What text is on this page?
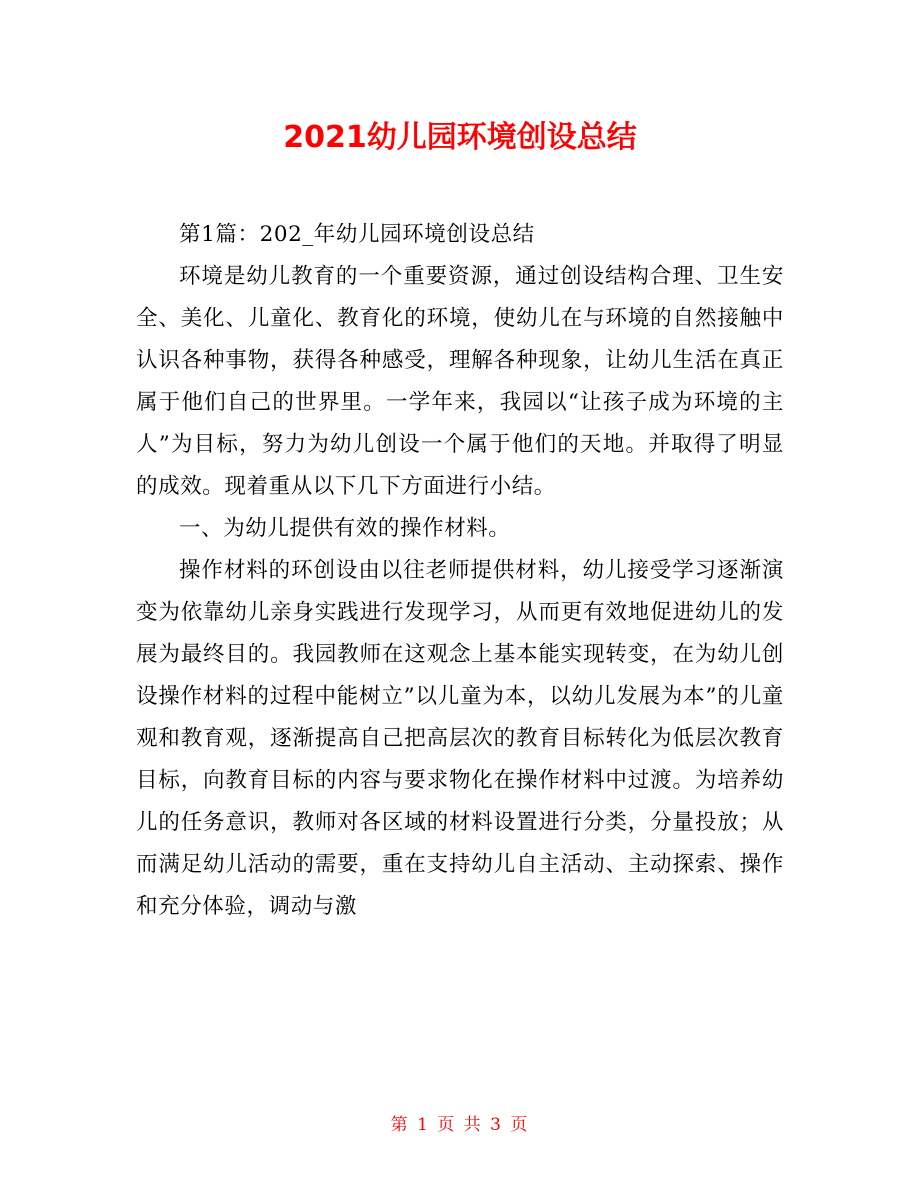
2021幼儿园环境创设总结

第1篇：202_年幼儿园环境创设总结

环境是幼儿教育的一个重要资源，通过创设结构合理、卫生安全、美化、儿童化、教育化的环境，使幼儿在与环境的自然接触中认识各种事物，获得各种感受，理解各种现象，让幼儿生活在真正属于他们自己的世界里。一学年来，我园以“让孩子成为环境的主人”为目标，努力为幼儿创设一个属于他们的天地。并取得了明显的成效。现着重从以下几下方面进行小结。

一、为幼儿提供有效的操作材料。

操作材料的环创设由以往老师提供材料，幼儿接受学习逐渐演变为依靠幼儿亲身实践进行发现学习，从而更有效地促进幼儿的发展为最终目的。我园教师在这观念上基本能实现转变，在为幼儿创设操作材料的过程中能树立”以儿童为本，以幼儿发展为本”的儿童观和教育观，逐渐提高自己把高层次的教育目标转化为低层次教育目标，向教育目标的内容与要求物化在操作材料中过渡。为培养幼儿的任务意识，教师对各区域的材料设置进行分类，分量投放；从而满足幼儿活动的需要，重在支持幼儿自主活动、主动探索、操作和充分体验，调动与激

第 1 页 共 3 页
